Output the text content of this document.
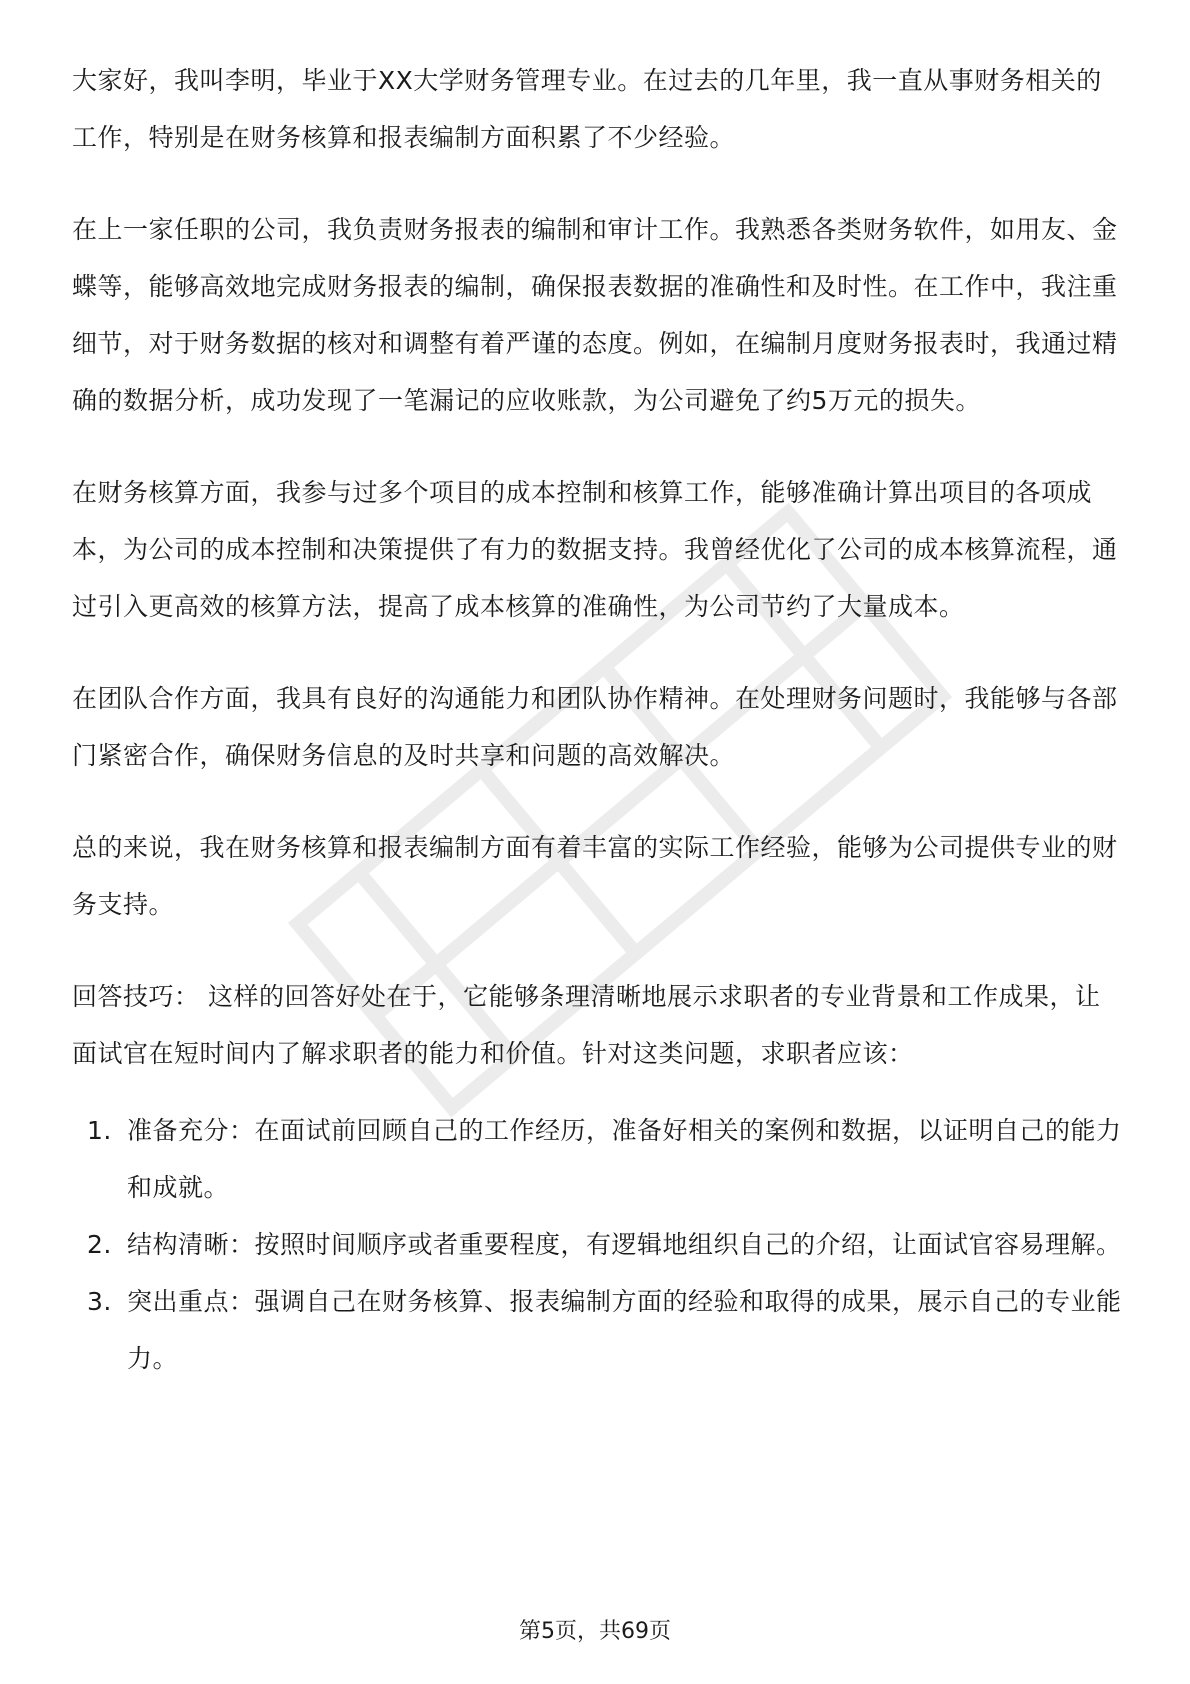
大家好，我叫李明，毕业于XX大学财务管理专业。在过去的几年里，我一直从事财务相关的工作，特别是在财务核算和报表编制方面积累了不少经验。

在上一家任职的公司，我负责财务报表的编制和审计工作。我熟悉各类财务软件，如用友、金蝶等，能够高效地完成财务报表的编制，确保报表数据的准确性和及时性。在工作中，我注重细节，对于财务数据的核对和调整有着严谨的态度。例如，在编制月度财务报表时，我通过精确的数据分析，成功发现了一笔漏记的应收账款，为公司避免了约5万元的损失。

在财务核算方面，我参与过多个项目的成本控制和核算工作，能够准确计算出项目的各项成本，为公司的成本控制和决策提供了有力的数据支持。我曾经优化了公司的成本核算流程，通过引入更高效的核算方法，提高了成本核算的准确性，为公司节约了大量成本。

在团队合作方面，我具有良好的沟通能力和团队协作精神。在处理财务问题时，我能够与各部门紧密合作，确保财务信息的及时共享和问题的高效解决。

总的来说，我在财务核算和报表编制方面有着丰富的实际工作经验，能够为公司提供专业的财务支持。

回答技巧： 这样的回答好处在于，它能够条理清晰地展示求职者的专业背景和工作成果，让面试官在短时间内了解求职者的能力和价值。针对这类问题，求职者应该：

1. 准备充分：在面试前回顾自己的工作经历，准备好相关的案例和数据，以证明自己的能力和成就。
2. 结构清晰：按照时间顺序或者重要程度，有逻辑地组织自己的介绍，让面试官容易理解。
3. 突出重点：强调自己在财务核算、报表编制方面的经验和取得的成果，展示自己的专业能力。
第5页，共69页
